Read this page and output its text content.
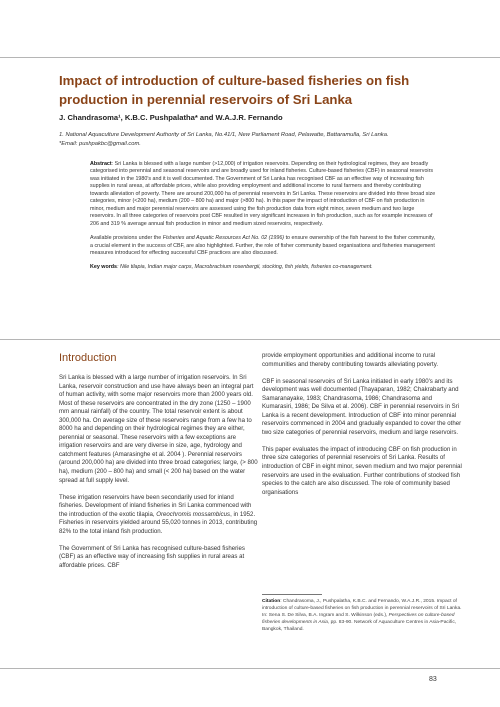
Impact of introduction of culture-based fisheries on fish production in perennial reservoirs of Sri Lanka

J. Chandrasoma¹, K.B.C. Pushpalatha* and W.A.J.R. Fernando

1. National Aquaculture Development Authority of Sri Lanka, No.41/1, New Parliament Road, Pelawatte, Battaramulla, Sri Lanka.
*Email: pushpakbc@gmail.com.

Abstract: Sri Lanka is blessed with a large number (>12,000) of irrigation reservoirs. Depending on their hydrological regimes, they are broadly categorised into perennial and seasonal reservoirs and are broadly used for inland fisheries. Culture-based fisheries (CBF) in seasonal reservoirs was initiated in the 1980's and it is well documented. The Government of Sri Lanka has recognised CBF as an effective way of increasing fish supplies in rural areas, at affordable prices, while also providing employment and additional income to rural farmers and thereby contributing towards alleviation of poverty. There are around 200,000 ha of perennial reservoirs in Sri Lanka. These reservoirs are divided into three broad size categories, minor (<200 ha), medium (200 – 800 ha) and major (>800 ha). In this paper the impact of introduction of CBF on fish production in minor, medium and major perennial reservoirs are assessed using the fish production data from eight minor, seven medium and two large reservoirs. In all three categories of reservoirs post CBF resulted in very significant increases in fish production, such as for example increases of 206 and 319 % average annual fish production in minor and medium sized reservoirs, respectively.

Available provisions under the Fisheries and Aquatic Resources Act No. 02 (1996) to ensure ownership of the fish harvest to the fisher community, a crucial element in the success of CBF, are also highlighted. Further, the role of fisher community based organisations and fisheries management measures introduced for effecting successful CBF practices are also discussed.

Key words: Nile tilapia, Indian major carps, Macrobrachium rosenbergii, stocking, fish yields, fisheries co-management.

Introduction

Sri Lanka is blessed with a large number of irrigation reservoirs. In Sri Lanka, reservoir construction and use have always been an integral part of human activity, with some major reservoirs more than 2000 years old. Most of these reservoirs are concentrated in the dry zone (1250 – 1900 mm annual rainfall) of the country. The total reservoir extent is about 300,000 ha. On average size of these reservoirs range from a few ha to 8000 ha and depending on their hydrological regimes they are either, perennial or seasonal. These reservoirs with a few exceptions are irrigation reservoirs and are very diverse in size, age, hydrology and catchment features (Amarasinghe et al. 2004 ). Perennial reservoirs (around 200,000 ha) are divided into three broad categories; large, (> 800 ha), medium (200 – 800 ha) and small (< 200 ha) based on the water spread at full supply level.

These irrigation reservoirs have been secondarily used for inland fisheries. Development of inland fisheries in Sri Lanka commenced with the introduction of the exotic tilapia, Oreochromis mossambicus, in 1952. Fisheries in reservoirs yielded around 55,020 tonnes in 2013, contributing 82% to the total inland fish production.

The Government of Sri Lanka has recognised culture-based fisheries (CBF) as an effective way of increasing fish supplies in rural areas at affordable prices. CBF

provide employment opportunities and additional income to rural communities and thereby contributing towards alleviating poverty.

CBF in seasonal reservoirs of Sri Lanka initiated in early 1980's and its development was well documented (Thayaparan, 1982; Chakrabarty and Samaranayake, 1983; Chandrasoma, 1986; Chandrasoma and Kumarasiri, 1986; De Silva et al. 2006). CBF in perennial reservoirs in Sri Lanka is a recent development. Introduction of CBF into minor perennial reservoirs commenced in 2004 and gradually expanded to cover the other two size categories of perennial reservoirs, medium and large reservoirs.

This paper evaluates the impact of introducing CBF on fish production in three size categories of perennial reservoirs of Sri Lanka. Results of introduction of CBF in eight minor, seven medium and two major perennial reservoirs are used in the evaluation. Further contributions of stocked fish species to the catch are also discussed. The role of community based organisations

Citation: Chandrasoma, J., Pushpalatha, K.B.C. and Fernando, W.A.J.R., 2015. Impact of introduction of culture-based fisheries on fish production in perennial reservoirs of Sri Lanka. In: Sena S. De Silva, B.A. Ingram and S. Wilkinson (eds.), Perspectives on culture-based fisheries developments in Asia, pp. 83-90. Network of Aquaculture Centres in Asia-Pacific, Bangkok, Thailand.
83
